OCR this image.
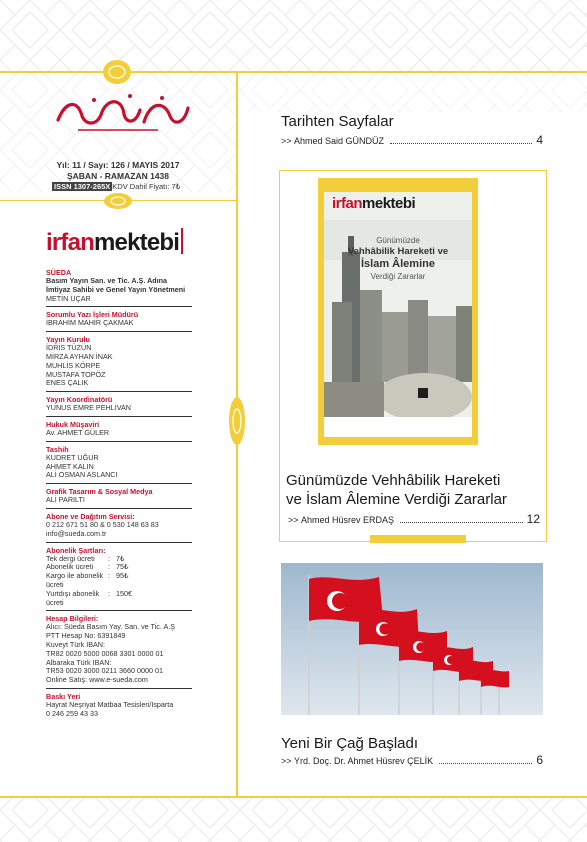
Yıl: 11 / Sayı: 126 / MAYIS 2017
ŞABAN - RAMAZAN 1438
ISSN 1307-265X KDV Dahil Fiyatı: 7₺
irfanmektebi
SÜEDA
Basım Yayın San. ve Tic. A.Ş. Adına
İmtiyaz Sahibi ve Genel Yayın Yönetmeni
METİN UÇAR
Sorumlu Yazı İşleri Müdürü
İBRAHİM MAHİR ÇAKMAK
Yayın Kurulu
İDRİS TÜZÜN
MİRZA AYHAN İNAK
MUHLİS KÖRPE
MUSTAFA TOPÖZ
ENES ÇALIK
Yayın Koordinatörü
YUNUS EMRE PEHLİVAN
Hukuk Müşaviri
Av. AHMET GÜLER
Tashih
KUDRET UĞUR
AHMET KALIN
ALİ OSMAN ASLANCI
Grafik Tasarım & Sosyal Medya
ALİ PARILTI
Abone ve Dağıtım Servisi:
0 212 671 51 80 & 0 530 148 63 83
info@sueda.com.tr
Abonelik Şartları:
Tek dergi ücreti	: 7₺
Abonelik ücreti	: 75₺
Kargo ile abonelik ücreti
: 95₺
Yurtdışı abonelik ücreti
: 150€
Hesap Bilgileri:
Alıcı: Süeda Basım Yay. San. ve Tic. A.Ş
PTT Hesap No: 6391849
Kuveyt Türk IBAN:
TR82 0020 5000 0068 3301 0000 01
Albaraka Türk IBAN:
TR53 0020 3000 0211 3660 0000 01
Online Satış: www.e-sueda.com
Baskı Yeri
Hayrat Neşriyat Matbaa Tesisleri/Isparta
0 246 259 43 33
Tarihten Sayfalar
>>
Ahmed Said GÜNDÜZ	4
irfanmektebi
Günümüzde
Vehhâbilik Hareketi ve
İslam Âlemine
Verdiği Zararlar
Günümüzde Vehhâbilik Hareketi
ve İslam Âlemine Verdiği Zararlar
>>
Ahmed Hüsrev ERDAŞ	12
Yeni Bir Çağ Başladı
>>
Yrd. Doç. Dr. Ahmet Hüsrev ÇELİK	6
